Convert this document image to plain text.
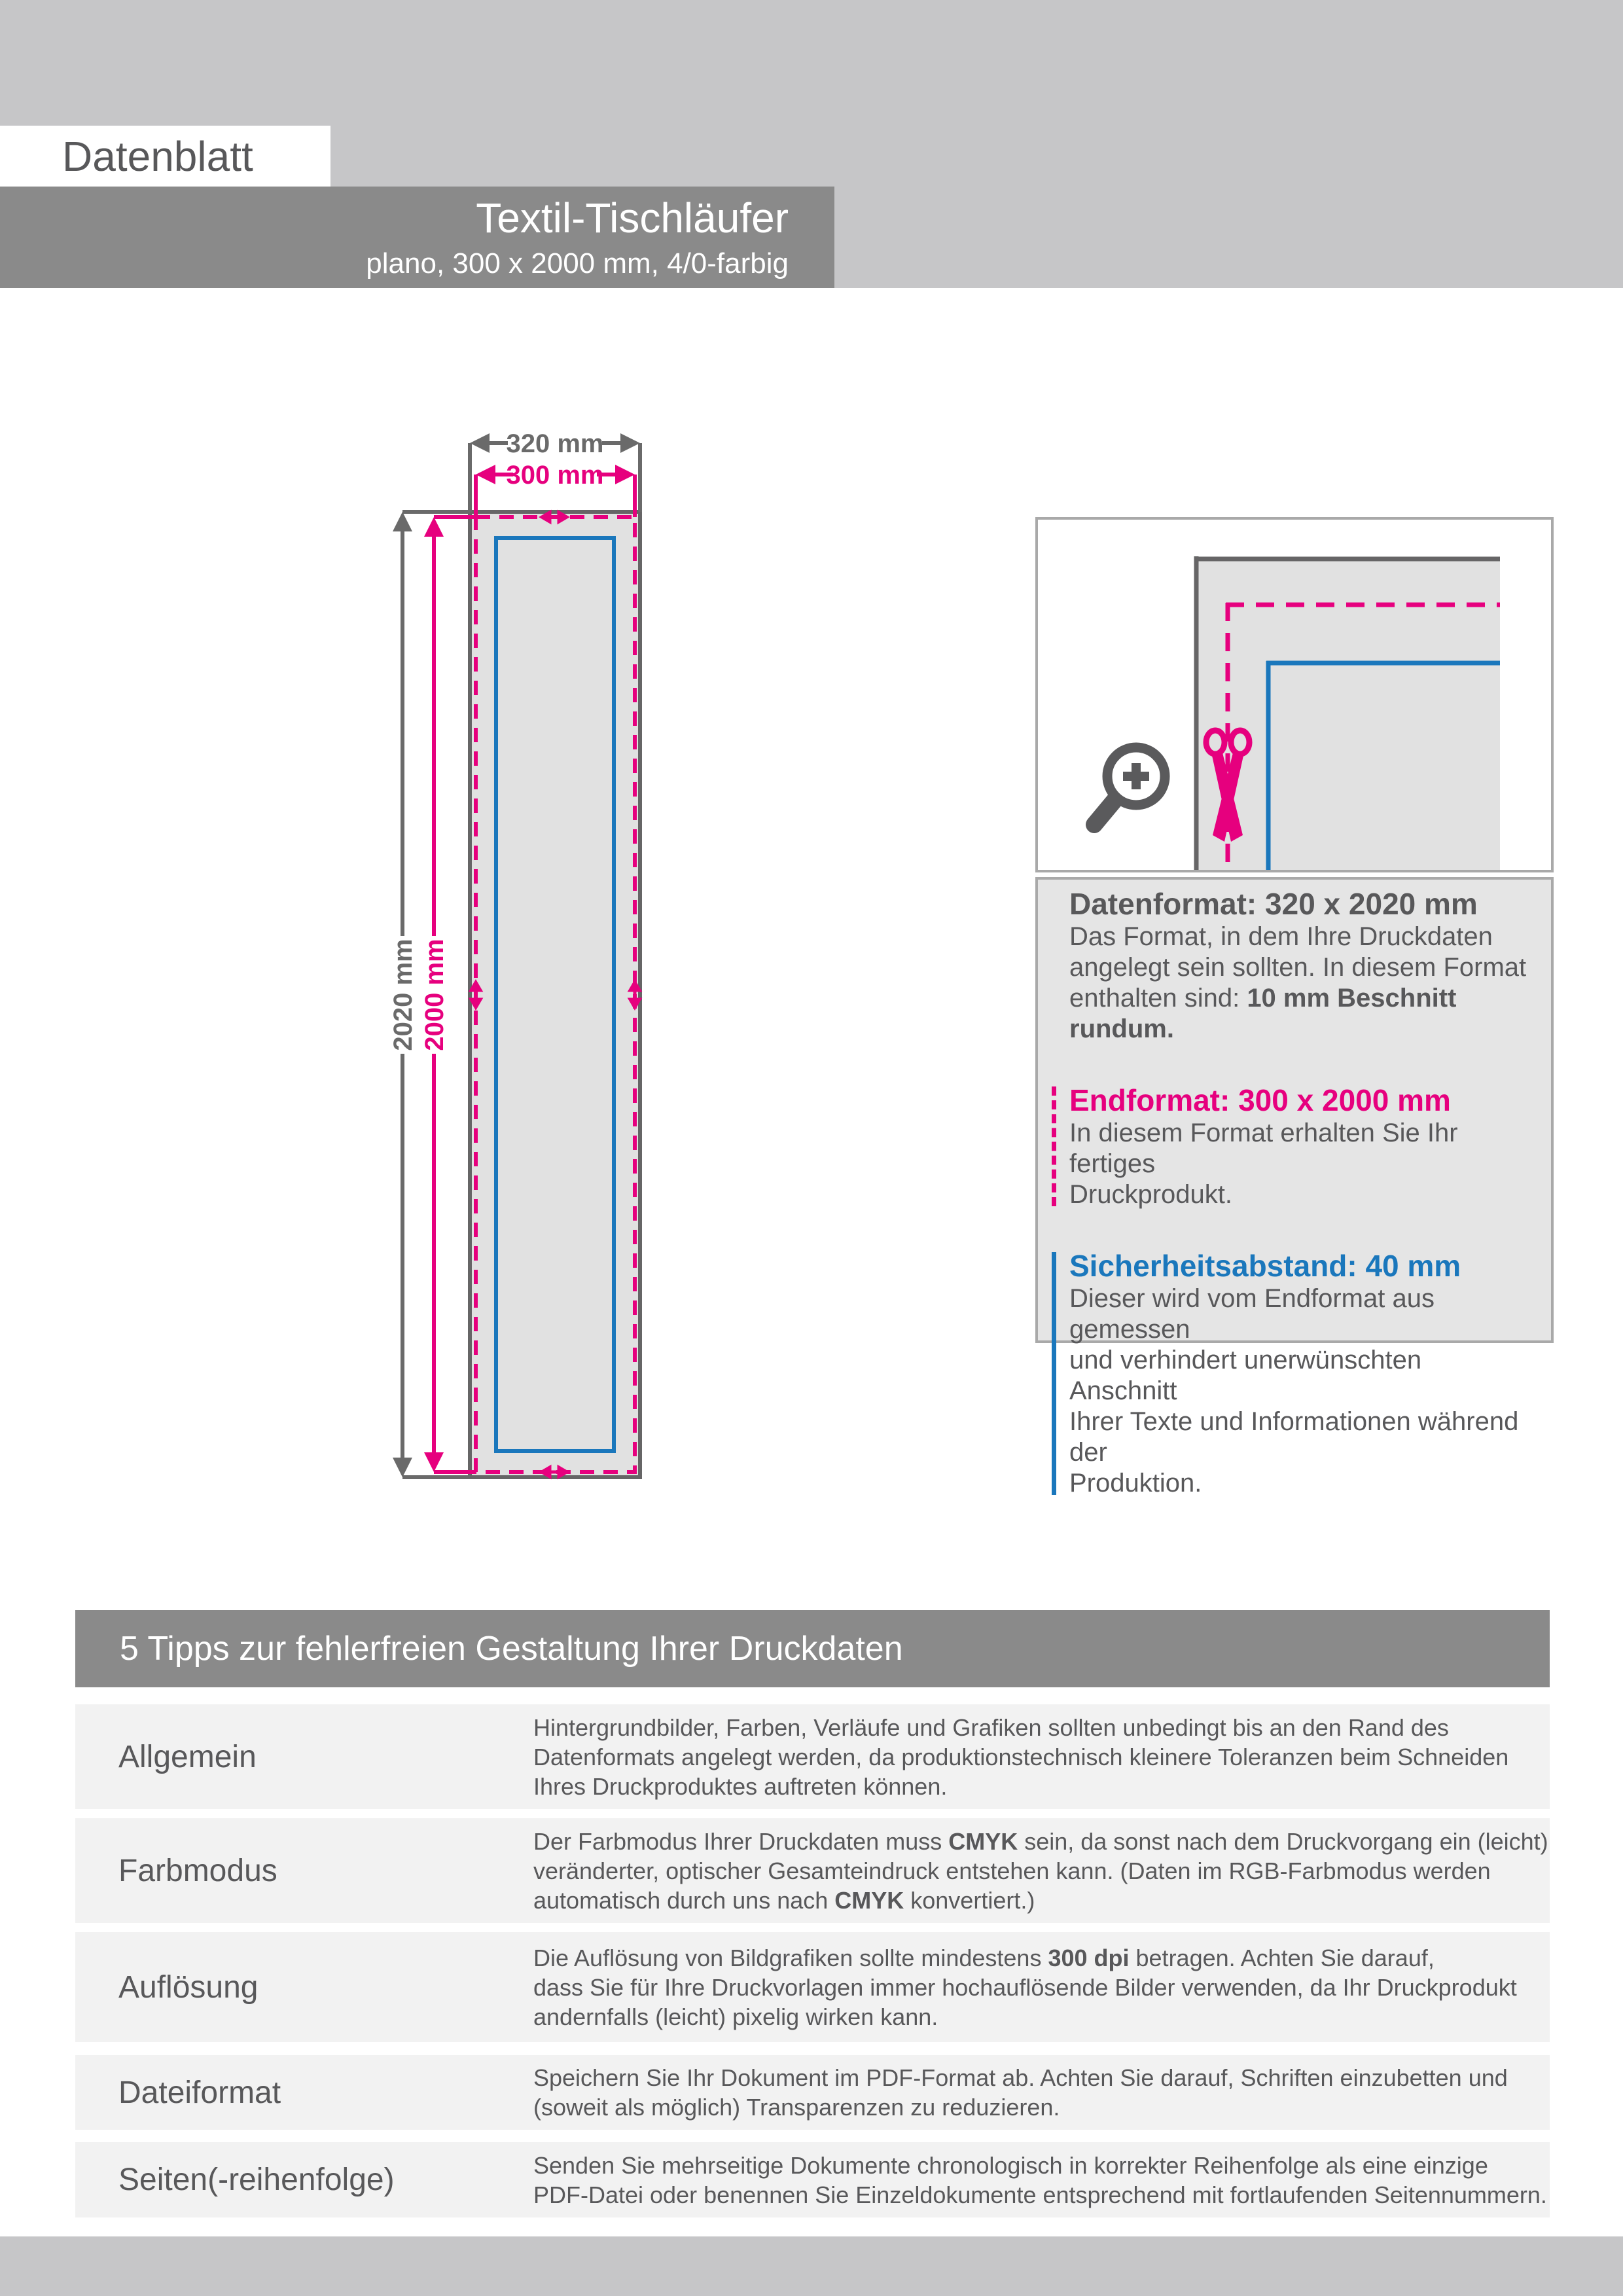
Datenblatt
Textil-Tischläufer
plano, 300 x 2000 mm, 4/0-farbig
320 mm
300 mm
2020 mm 2000 mm
Datenformat: 320 x 2020 mm
Das Format, in dem Ihre Druckdaten
angelegt sein sollten. In diesem Format
enthalten sind: 10 mm Beschnitt rundum.
Endformat: 300 x 2000 mm
In diesem Format erhalten Sie Ihr fertiges
Druckprodukt.
Sicherheitsabstand: 40 mm
Dieser wird vom Endformat aus gemessen
und verhindert unerwünschten Anschnitt
Ihrer Texte und Informationen während der
Produktion.
5 Tipps zur fehlerfreien Gestaltung Ihrer Druckdaten
Allgemein
Hintergrundbilder, Farben, Verläufe und Grafiken sollten unbedingt bis an den Rand des
Datenformats angelegt werden, da produktionstechnisch kleinere Toleranzen beim Schneiden
Ihres Druckproduktes auftreten können.
Farbmodus
Der Farbmodus Ihrer Druckdaten muss CMYK sein, da sonst nach dem Druckvorgang ein (leicht)
veränderter, optischer Gesamteindruck entstehen kann. (Daten im RGB-Farbmodus werden
automatisch durch uns nach CMYK konvertiert.)
Auflösung
Die Auflösung von Bildgrafiken sollte mindestens 300 dpi betragen. Achten Sie darauf,
dass Sie für Ihre Druckvorlagen immer hochauflösende Bilder verwenden, da Ihr Druckprodukt
andernfalls (leicht) pixelig wirken kann.
Dateiformat	Speichern Sie Ihr Dokument im PDF-Format ab. Achten Sie darauf, Schriften einzubetten und
(soweit als möglich) Transparenzen zu reduzieren.
Seiten(-reihenfolge)	Senden Sie mehrseitige Dokumente chronologisch in korrekter Reihenfolge als eine einzige
PDF-Datei oder benennen Sie Einzeldokumente entsprechend mit fortlaufenden Seitennummern.
